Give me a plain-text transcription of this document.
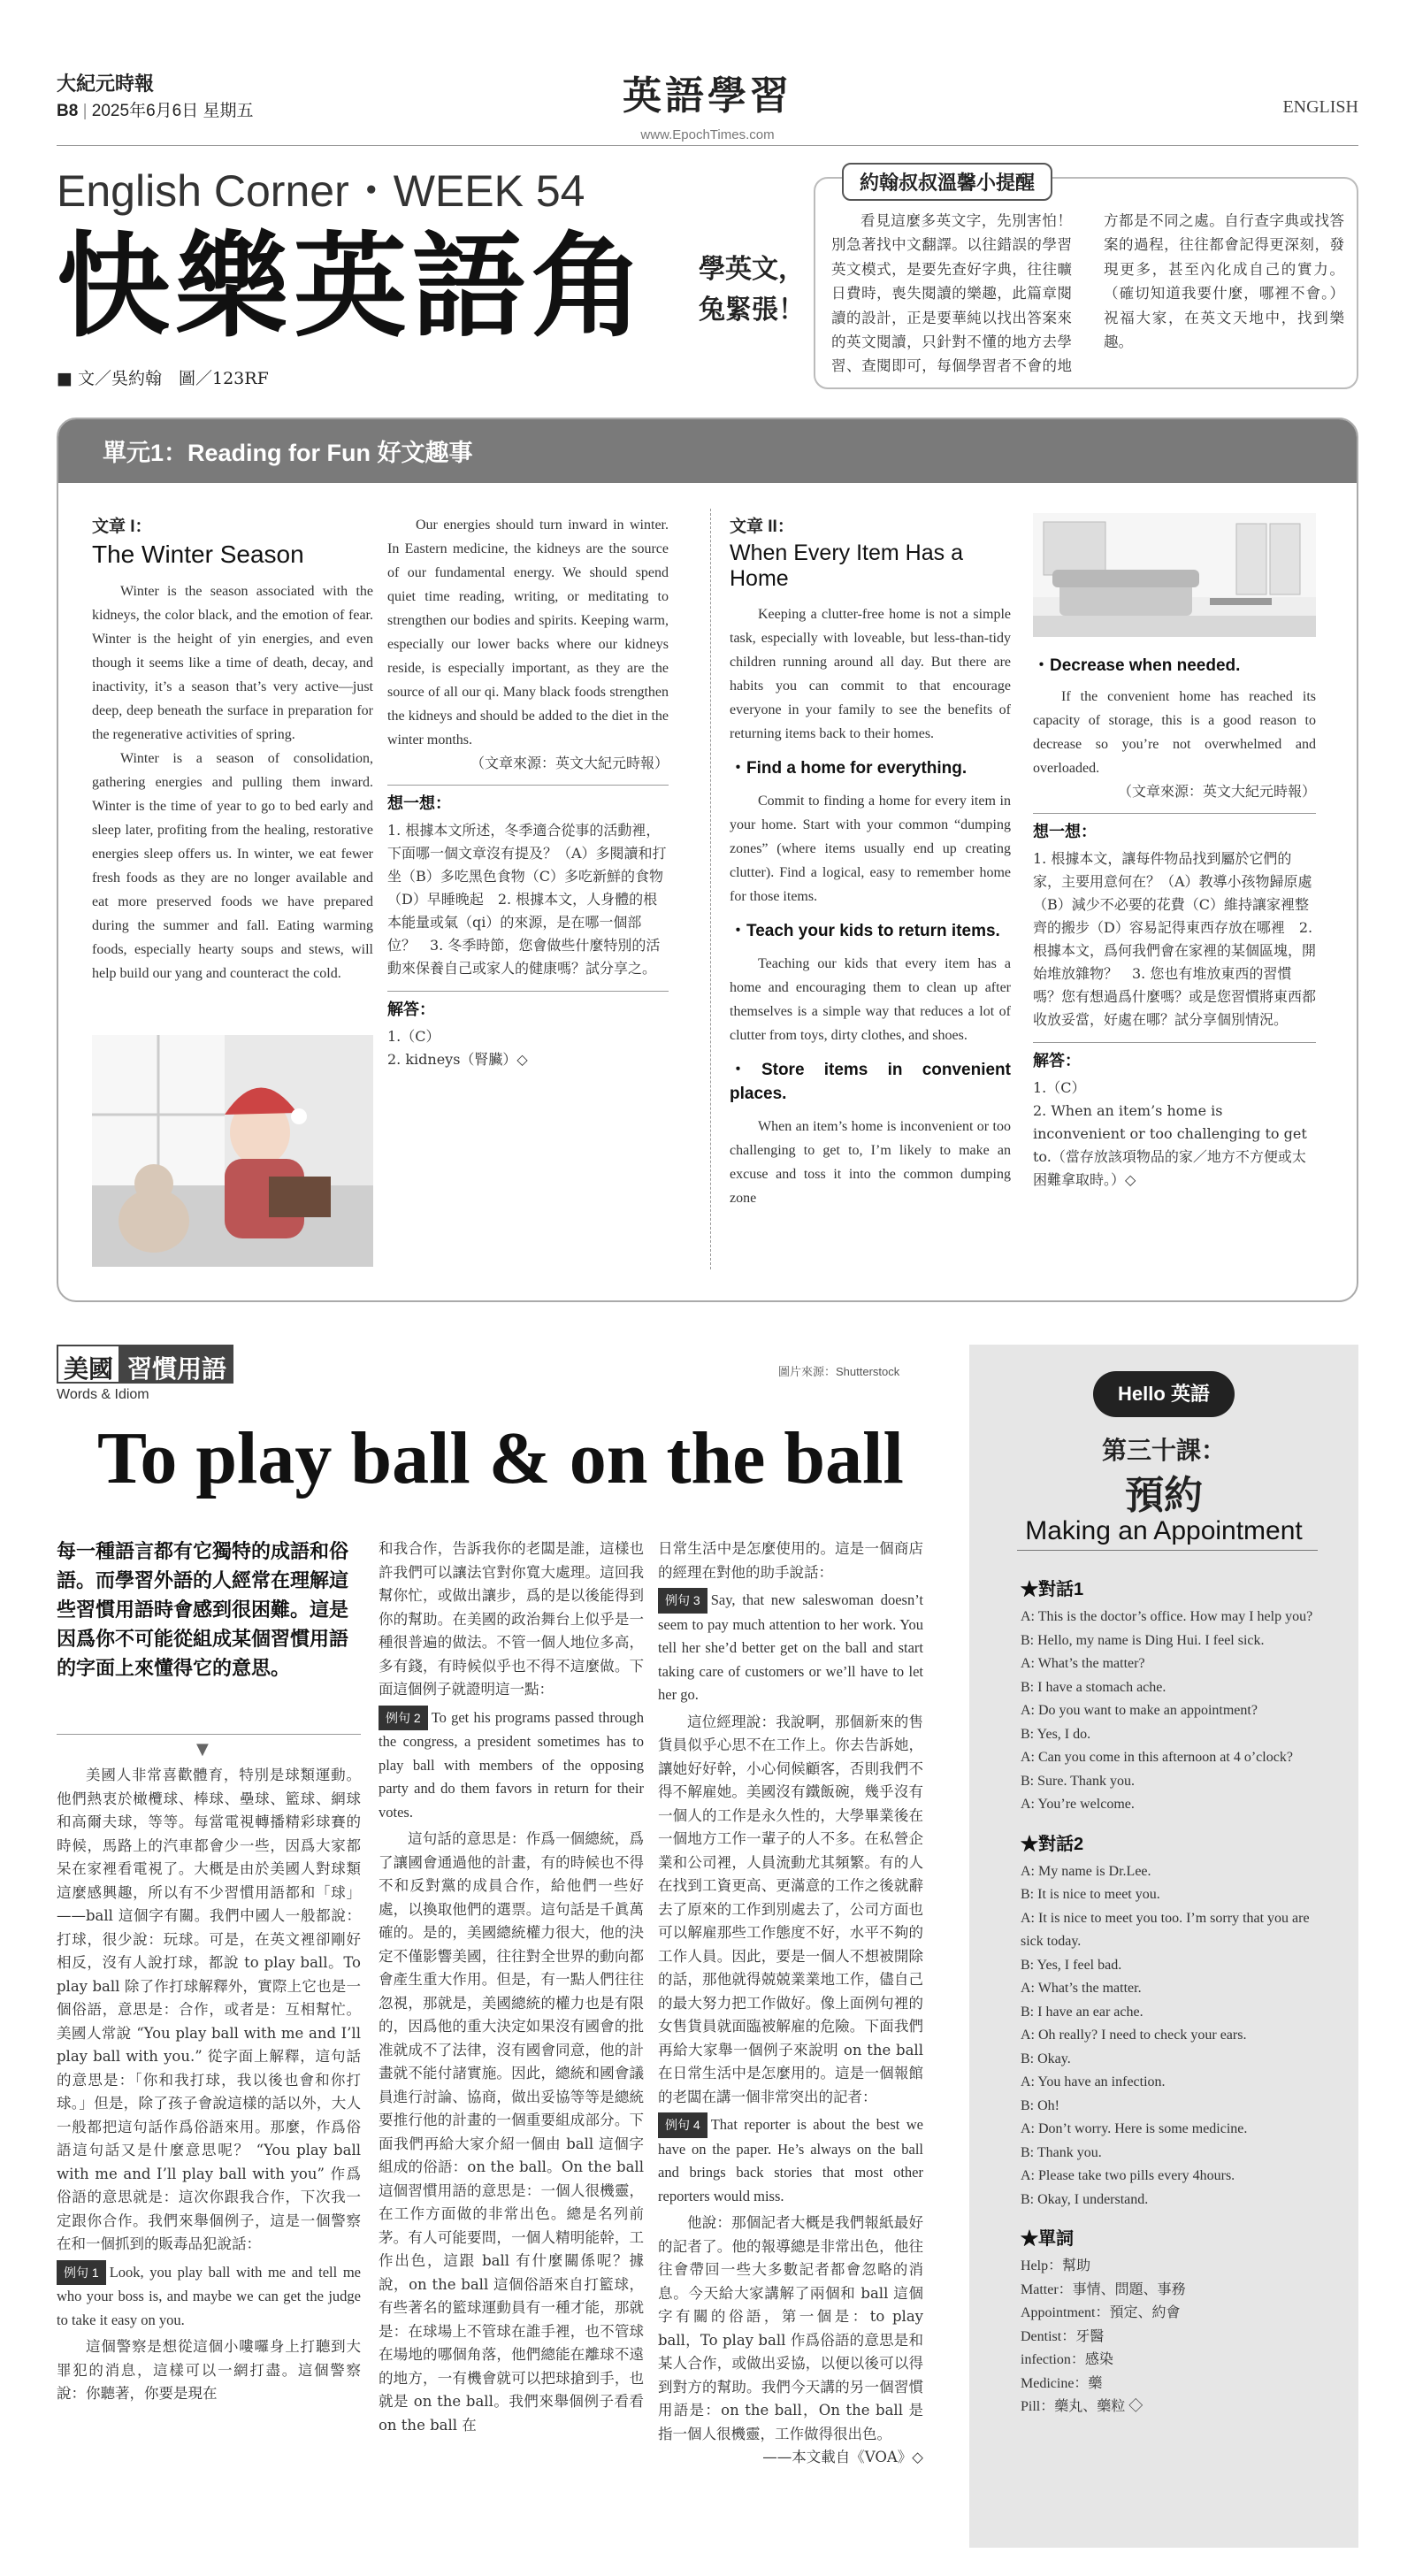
大紀元時報
B8 | 2025年6月6日 星期五	英語學習
www.EpochTimes.com
ENGLISH
English Corner・WEEK 54
快樂英語角 學英文，
兔緊張！
■ 文／吳約翰　圖／123RF
約翰叔叔溫馨小提醒
看見這麼多英文字，先別害怕！別急著找中文翻譯。以往錯誤的學習英文模式，是要先查好字典，往往曠日費時，喪失閱讀的樂趣，此篇章閱讀的設計，正是要華純以找出答案來的英文閱讀，只針對不懂的地方去學習、查閱即可，每個學習者不會的地方都是不同之處。自行查字典或找答案的過程，往往都會記得更深刻，發現更多，甚至內化成自己的實力。（確切知道我要什麼，哪裡不會。）祝福大家，在英文天地中，找到樂趣。
單元1：Reading for Fun 好文趣事
文章 I：
The Winter Season

Winter is the season associated with the kidneys, the color black, and the emotion of fear. Winter is the height of yin energies, and even though it seems like a time of death, decay, and inactivity, it’s a season that’s very active—just deep, deep beneath the surface in preparation for the regenerative activities of spring.

Winter is a season of consolidation, gathering energies and pulling them inward. Winter is the time of year to go to bed early and sleep later, profiting from the healing, restorative energies sleep offers us. In winter, we eat fewer fresh foods as they are no longer available and eat more preserved foods we have prepared during the summer and fall. Eating warming foods, especially hearty soups and stews, will help build our yang and counteract the cold.

Our energies should turn inward in winter. In Eastern medicine, the kidneys are the source of our fundamental energy. We should spend quiet time reading, writing, or meditating to strengthen our bodies and spirits. Keeping warm, especially our lower backs where our kidneys reside, is especially important, as they are the source of all our qi. Many black foods strengthen the kidneys and should be added to the diet in the winter months.

（文章來源：英文大紀元時報）

想一想：
1. 根據本文所述，冬季適合從事的活動裡，下面哪一個文章沒有提及？（A）多閱讀和打坐（B）多吃黑色食物（C）多吃新鮮的食物（D）早睡晚起　2. 根據本文，人身體的根本能量或氣（qi）的來源，是在哪一個部位？　3. 冬季時節，您會做些什麼特別的活動來保養自己或家人的健康嗎？試分享之。
解答：
1.（C）
2. kidneys（腎臟）◇
文章 II：
When Every Item Has a Home

Keeping a clutter-free home is not a simple task, especially with loveable, but less-than-tidy children running around all day. But there are habits you can commit to that encourage everyone in your family to see the benefits of returning items back to their homes.

・Find a home for everything.

Commit to finding a home for every item in your home. Start with your common “dumping zones” (where items usually end up creating clutter). Find a logical, easy to remember home for those items.

・Teach your kids to return items.

Teaching our kids that every item has a home and encouraging them to clean up after themselves is a simple way that reduces a lot of clutter from toys, dirty clothes, and shoes.

・Store items in convenient places.

When an item’s home is inconvenient or too challenging to get to, I’m likely to make an excuse and toss it into the common dumping zone

・Decrease when needed.

If the convenient home has reached its capacity of storage, this is a good reason to decrease so you’re not overwhelmed and overloaded.

（文章來源：英文大紀元時報）

想一想：
1. 根據本文，讓每件物品找到屬於它們的家，主要用意何在？（A）教導小孩物歸原處（B）減少不必要的花費（C）維持讓家裡整齊的搬步（D）容易記得東西存放在哪裡　2. 根據本文，爲何我們會在家裡的某個區塊，開始堆放雜物？　3. 您也有堆放東西的習慣嗎？您有想過爲什麼嗎？或是您習慣將東西都收放妥當，好處在哪？試分享個別情況。
解答：
1.（C）
2. When an item’s home is inconvenient or too challenging to get to.（當存放該項物品的家／地方不方便或太困難拿取時。）◇
美國 習慣用語
Words & Idiom
圖片來源：Shutterstock
To play ball & on the ball
每一種語言都有它獨特的成語和俗語。而學習外語的人經常在理解這些習慣用語時會感到很困難。這是因爲你不可能從組成某個習慣用語的字面上來懂得它的意思。
▼

美國人非常喜歡體育，特別是球類運動。他們熱衷於橄欖球、棒球、壘球、籃球、網球和高爾夫球，等等。每當電視轉播精彩球賽的時候，馬路上的汽車都會少一些，因爲大家都呆在家裡看電視了。大概是由於美國人對球類這麼感興趣，所以有不少習慣用語都和「球」——ball 這個字有關。我們中國人一般都說：打球，很少說：玩球。可是，在英文裡卻剛好相反，沒有人說打球，都說 to play ball。To play ball 除了作打球解釋外，實際上它也是一個俗語，意思是：合作，或者是：互相幫忙。美國人常說 “You play ball with me and I’ll play ball with you.” 從字面上解釋，這句話的意思是：「你和我打球，我以後也會和你打球。」但是，除了孩子會說這樣的話以外，大人一般都把這句話作爲俗語來用。那麼，作爲俗語這句話又是什麼意思呢？ “You play ball with me and I’ll play ball with you” 作爲俗語的意思就是：這次你跟我合作，下次我一定跟你合作。我們來舉個例子，這是一個警察在和一個抓到的販毒品犯說話：

例句 1 Look, you play ball with me and tell me who your boss is, and maybe we can get the judge to take it easy on you.

這個警察是想從這個小嘍囉身上打聽到大罪犯的消息，這樣可以一網打盡。這個警察說：你聽著，你要是現在

和我合作，告訴我你的老闆是誰，這樣也許我們可以讓法官對你寬大處理。這回我幫你忙，或做出讓步，爲的是以後能得到你的幫助。在美國的政治舞台上似乎是一種很普遍的做法。不管一個人地位多高，多有錢，有時候似乎也不得不這麼做。下面這個例子就證明這一點：

例句 2 To get his programs passed through the congress, a president sometimes has to play ball with members of the opposing party and do them favors in return for their votes.

這句話的意思是：作爲一個總統，爲了讓國會通過他的計畫，有的時候也不得不和反對黨的成員合作，給他們一些好處，以換取他們的選票。這句話是千眞萬確的。是的，美國總統權力很大，他的決定不僅影響美國，往往對全世界的動向都會產生重大作用。但是，有一點人們往往忽視，那就是，美國總統的權力也是有限的，因爲他的重大決定如果沒有國會的批准就成不了法律，沒有國會同意，他的計畫就不能付諸實施。因此，總統和國會議員進行討論、協商，做出妥協等等是總統要推行他的計畫的一個重要組成部分。下面我們再給大家介紹一個由 ball 這個字組成的俗語：on the ball。On the ball 這個習慣用語的意思是：一個人很機靈，在工作方面做的非常出色。總是名列前茅。有人可能要問，一個人精明能幹，工作出色，這跟 ball 有什麼關係呢？據說，on the ball 這個俗語來自打籃球，有些著名的籃球運動員有一種才能，那就是：在球場上不管球在誰手裡，也不管球在場地的哪個角落，他們總能在離球不遠的地方，一有機會就可以把球搶到手，也就是 on the ball。我們來舉個例子看看 on the ball 在

日常生活中是怎麼使用的。這是一個商店的經理在對他的助手說話：

例句 3 Say, that new saleswoman doesn’t seem to pay much attention to her work. You tell her she’d better get on the ball and start taking care of customers or we’ll have to let her go.

這位經理說：我說啊，那個新來的售貨員似乎心思不在工作上。你去告訴她，讓她好好幹，小心伺候顧客，否則我們不得不解雇她。美國沒有鐵飯碗，幾乎沒有一個人的工作是永久性的，大學畢業後在一個地方工作一輩子的人不多。在私營企業和公司裡，人員流動尤其頻繁。有的人在找到工資更高、更滿意的工作之後就辭去了原來的工作到別處去了，公司方面也可以解雇那些工作態度不好，水平不夠的工作人員。因此，要是一個人不想被開除的話，那他就得兢兢業業地工作，儘自己的最大努力把工作做好。像上面例句裡的女售貨員就面臨被解雇的危險。下面我們再給大家舉一個例子來說明 on the ball 在日常生活中是怎麼用的。這是一個報館的老闆在講一個非常突出的記者：

例句 4 That reporter is about the best we have on the paper. He’s always on the ball and brings back stories that most other reporters would miss.

他說：那個記者大概是我們報紙最好的記者了。他的報導總是非常出色，他往往會帶回一些大多數記者都會忽略的消息。今天給大家講解了兩個和 ball 這個字有關的俗語，第一個是：to play ball，To play ball 作爲俗語的意思是和某人合作，或做出妥協，以便以後可以得到對方的幫助。我們今天講的另一個習慣用語是：on the ball，On the ball 是指一個人很機靈，工作做得很出色。

——本文載自《VOA》◇
Hello 英語
第三十課：
預約
Making an Appointment
★對話1
A: This is the doctor’s office. How may I help you?
B: Hello, my name is Ding Hui. I feel sick.
A: What’s the matter?
B: I have a stomach ache.
A: Do you want to make an appointment?
B: Yes, I do.
A: Can you come in this afternoon at 4 o’clock?
B: Sure. Thank you.
A: You’re welcome.
★對話2
A: My name is Dr.Lee.
B: It is nice to meet you.
A: It is nice to meet you too. I’m sorry that you are sick today.
B: Yes, I feel bad.
A: What’s the matter.
B: I have an ear ache.
A: Oh really? I need to check your ears.
B: Okay.
A: You have an infection.
B: Oh!
A: Don’t worry. Here is some medicine.
B: Thank you.
A: Please take two pills every 4hours.
B: Okay, I understand.
★單詞
Help：幫助
Matter：事情、問題、事務
Appointment：預定、約會
Dentist：牙醫
infection：感染
Medicine：藥
Pill：藥丸、藥粒 ◇
